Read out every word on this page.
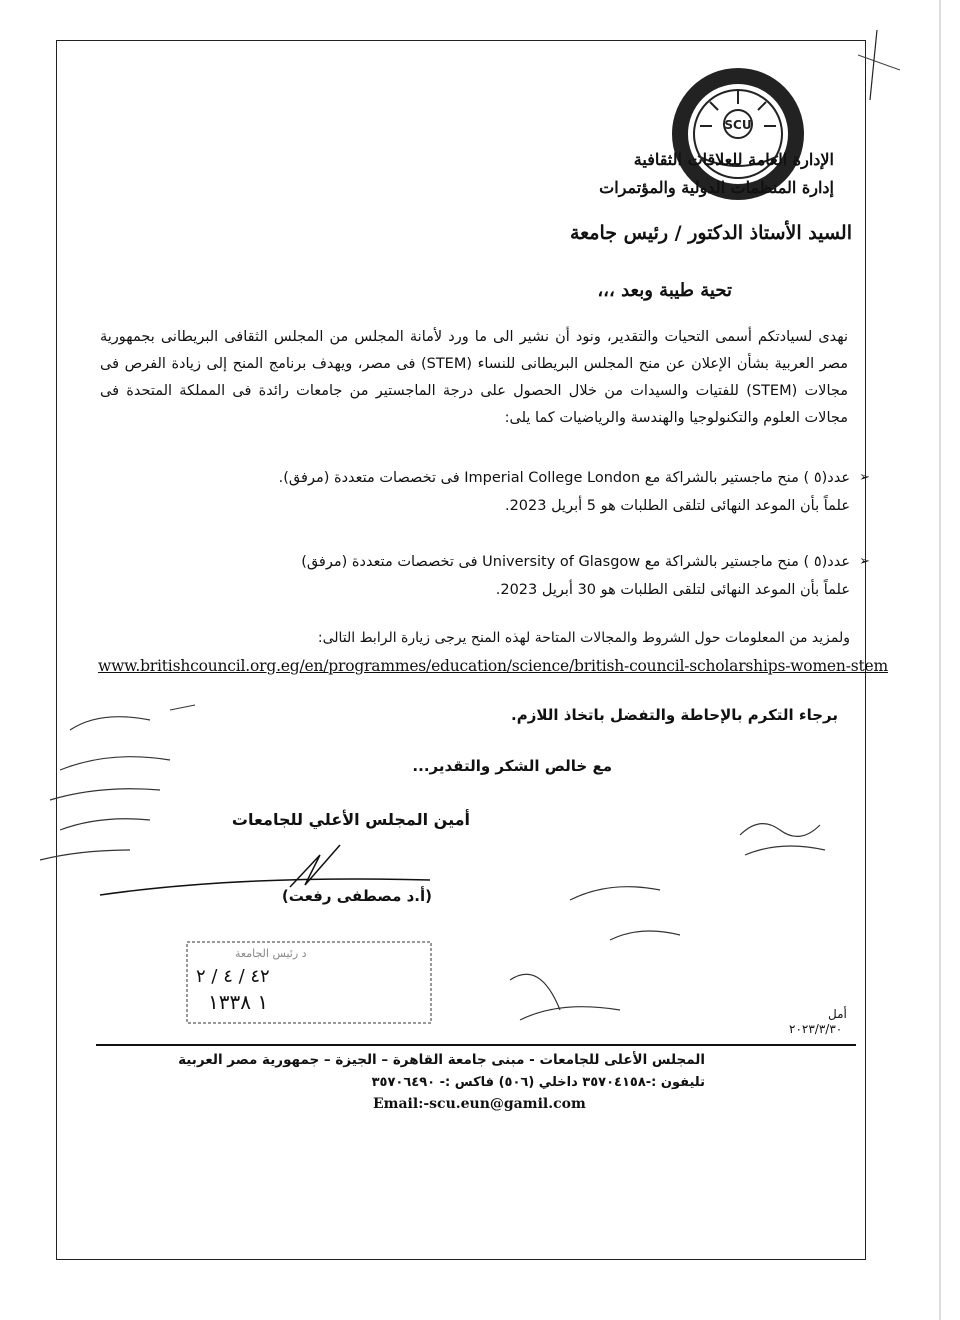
SCU
الإدارة العامة للعلاقات الثقافية
إدارة المنظمات الدولية والمؤتمرات
السيد الأستاذ الدكتور / رئيس جامعة
تحية طيبة وبعد ،،،
نهدى لسيادتكم أسمى التحيات والتقدير، ونود أن نشير الى ما ورد لأمانة المجلس من المجلس الثقافى البريطانى بجمهورية مصر العربية بشأن الإعلان عن منح المجلس البريطانى للنساء (STEM) فى مصر، ويهدف برنامج المنح إلى زيادة الفرص فى مجالات (STEM) للفتيات والسيدات من خلال الحصول على درجة الماجستير من جامعات رائدة فى المملكة المتحدة فى مجالات العلوم والتكنولوجيا والهندسة والرياضيات كما يلى:
➢
عدد(٥ ) منح ماجستير بالشراكة مع Imperial College London فى تخصصات متعددة (مرفق).
علماً بأن الموعد النهائى لتلقى الطلبات هو 5 أبريل 2023.
➢
عدد(٥ ) منح ماجستير بالشراكة مع University of Glasgow فى تخصصات متعددة (مرفق)
علماً بأن الموعد النهائى لتلقى الطلبات هو 30 أبريل 2023.
ولمزيد من المعلومات حول الشروط والمجالات المتاحة لهذه المنح يرجى زيارة الرابط التالى:
www.britishcouncil.org.eg/en/programmes/education/science/british-council-scholarships-women-stem
برجاء التكرم بالإحاطة والتفضل باتخاذ اللازم.
مع خالص الشكر والتقدير...
أمين المجلس الأعلي للجامعات
(أ.د مصطفى رفعت)
د رئيس الجامعة
٤٢ / ٤ / ٢
١ ١٣٣٨	أمل
٢٠٢٣/٣/٣٠
المجلس الأعلى للجامعات - مبنى جامعة القاهرة – الجيزة – جمهورية مصر العربية
تليفون :-٣٥٧٠٤١٥٨ داخلي (٥٠٦) فاكس :- ٣٥٧٠٦٤٩٠
Email:-scu.eun@gamil.com
